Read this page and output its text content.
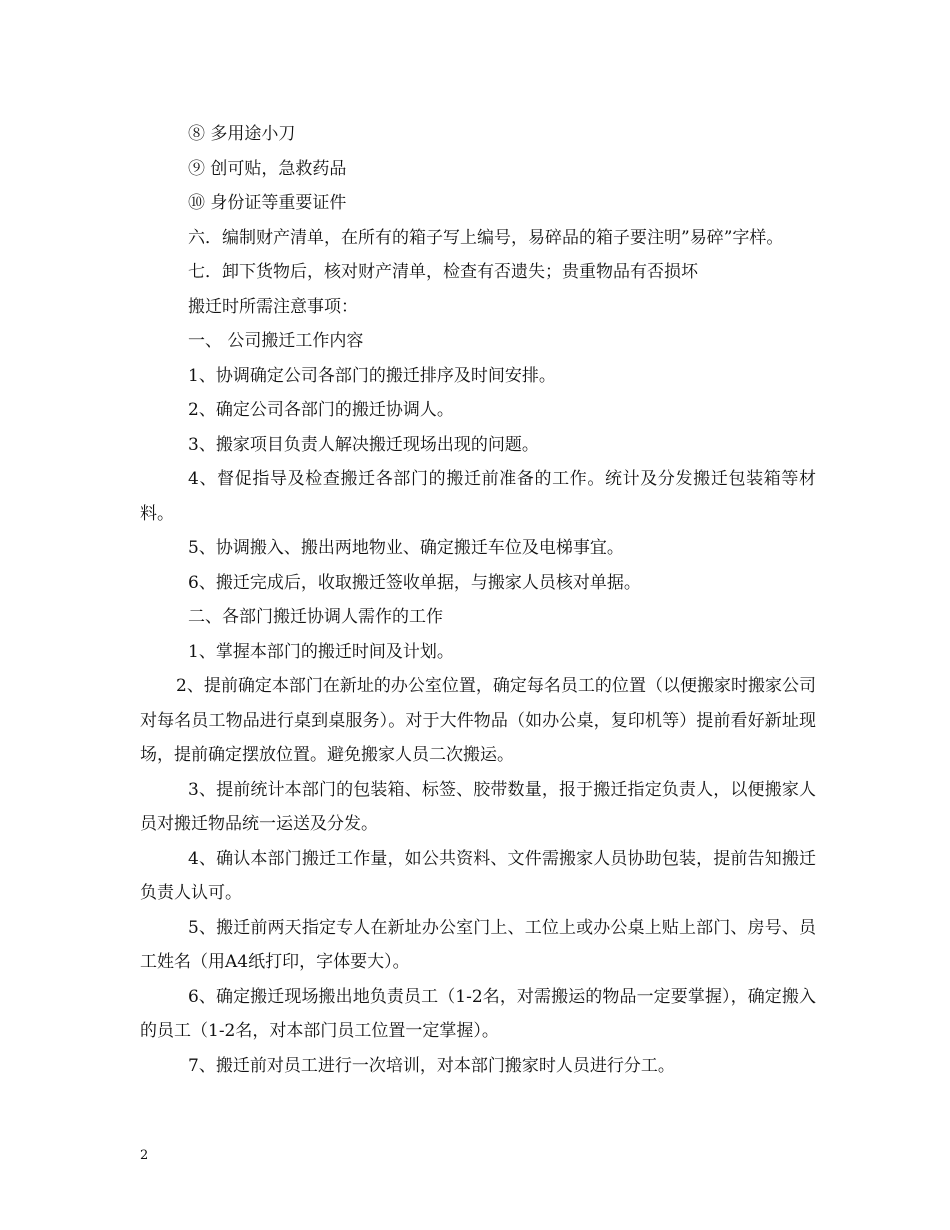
⑧ 多用途小刀

⑨ 创可贴，急救药品

⑩ 身份证等重要证件

六．编制财产清单，在所有的箱子写上编号，易碎品的箱子要注明”易碎”字样。

七．卸下货物后，核对财产清单，检查有否遗失；贵重物品有否损坏

搬迁时所需注意事项：

一、 公司搬迁工作内容

1、协调确定公司各部门的搬迁排序及时间安排。

2、确定公司各部门的搬迁协调人。

3、搬家项目负责人解决搬迁现场出现的问题。

4、督促指导及检查搬迁各部门的搬迁前准备的工作。统计及分发搬迁包装箱等材料。

5、协调搬入、搬出两地物业、确定搬迁车位及电梯事宜。

6、搬迁完成后，收取搬迁签收单据，与搬家人员核对单据。

二、各部门搬迁协调人需作的工作

1、掌握本部门的搬迁时间及计划。

2、提前确定本部门在新址的办公室位置，确定每名员工的位置（以便搬家时搬家公司对每名员工物品进行桌到桌服务）。对于大件物品（如办公桌，复印机等）提前看好新址现场，提前确定摆放位置。避免搬家人员二次搬运。

3、提前统计本部门的包装箱、标签、胶带数量，报于搬迁指定负责人，以便搬家人员对搬迁物品统一运送及分发。

4、确认本部门搬迁工作量，如公共资料、文件需搬家人员协助包装，提前告知搬迁负责人认可。

5、搬迁前两天指定专人在新址办公室门上、工位上或办公桌上贴上部门、房号、员工姓名（用A4纸打印，字体要大）。

6、确定搬迁现场搬出地负责员工（1-2名，对需搬运的物品一定要掌握），确定搬入的员工（1-2名，对本部门员工位置一定掌握）。

7、搬迁前对员工进行一次培训，对本部门搬家时人员进行分工。

2
